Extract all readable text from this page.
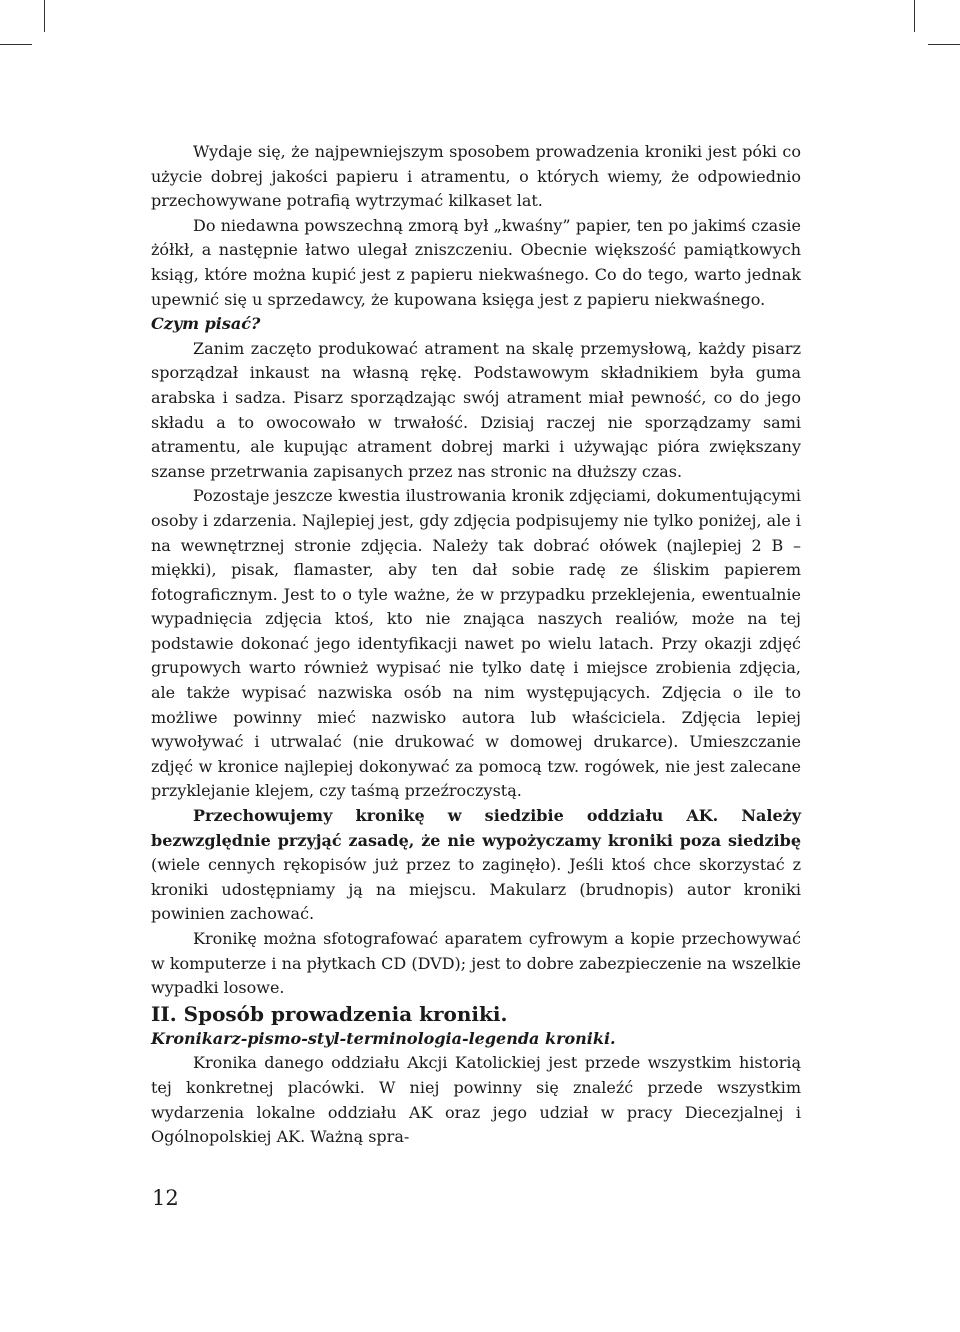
Wydaje się, że najpewniejszym sposobem prowadzenia kroniki jest póki co użycie dobrej jakości papieru i atramentu, o których wiemy, że odpowiednio przechowywane potrafią wytrzymać kilkaset lat.

Do niedawna powszechną zmorą był „kwaśny” papier, ten po jakimś czasie żółkł, a następnie łatwo ulegał zniszczeniu. Obecnie większość pamiątkowych ksiąg, które można kupić jest z papieru niekwaśnego. Co do tego, warto jednak upewnić się u sprzedawcy, że kupowana księga jest z papieru niekwaśnego.

Czym pisać?

Zanim zaczęto produkować atrament na skalę przemysłową, każdy pisarz sporządzał inkaust na własną rękę. Podstawowym składnikiem była guma arabska i sadza. Pisarz sporządzając swój atrament miał pewność, co do jego składu a to owocowało w trwałość. Dzisiaj raczej nie sporządzamy sami atramentu, ale kupując atrament dobrej marki i używając pióra zwiększany szanse przetrwania zapisanych przez nas stronic na dłuższy czas.

Pozostaje jeszcze kwestia ilustrowania kronik zdjęciami, dokumentującymi osoby i zdarzenia. Najlepiej jest, gdy zdjęcia podpisujemy nie tylko poniżej, ale i na wewnętrznej stronie zdjęcia. Należy tak dobrać ołówek (najlepiej 2 B – miękki), pisak, flamaster, aby ten dał sobie radę ze śliskim papierem fotograficznym. Jest to o tyle ważne, że w przypadku przeklejenia, ewentualnie wypadnięcia zdjęcia ktoś, kto nie znająca naszych realiów, może na tej podstawie dokonać jego identyfikacji nawet po wielu latach. Przy okazji zdjęć grupowych warto również wypisać nie tylko datę i miejsce zrobienia zdjęcia, ale także wypisać nazwiska osób na nim występujących. Zdjęcia o ile to możliwe powinny mieć nazwisko autora lub właściciela. Zdjęcia lepiej wywoływać i utrwalać (nie drukować w domowej drukarce). Umieszczanie zdjęć w kronice najlepiej dokonywać za pomocą tzw. rogówek, nie jest zalecane przyklejanie klejem, czy taśmą przeźroczystą.

Przechowujemy kronikę w siedzibie oddziału AK. Należy bezwzględnie przyjąć zasadę, że nie wypożyczamy kroniki poza siedzibę (wiele cennych rękopisów już przez to zaginęło). Jeśli ktoś chce skorzystać z kroniki udostępniamy ją na miejscu. Makularz (brudnopis) autor kroniki powinien zachować.

Kronikę można sfotografować aparatem cyfrowym a kopie przechowywać w komputerze i na płytkach CD (DVD); jest to dobre zabezpieczenie na wszelkie wypadki losowe.

II. Sposób prowadzenia kroniki.

Kronikarz-pismo-styl-terminologia-legenda kroniki.

Kronika danego oddziału Akcji Katolickiej jest przede wszystkim historią tej konkretnej placówki. W niej powinny się znaleźć przede wszystkim wydarzenia lokalne oddziału AK oraz jego udział w pracy Diecezjalnej i Ogólnopolskiej AK. Ważną spra-

12
